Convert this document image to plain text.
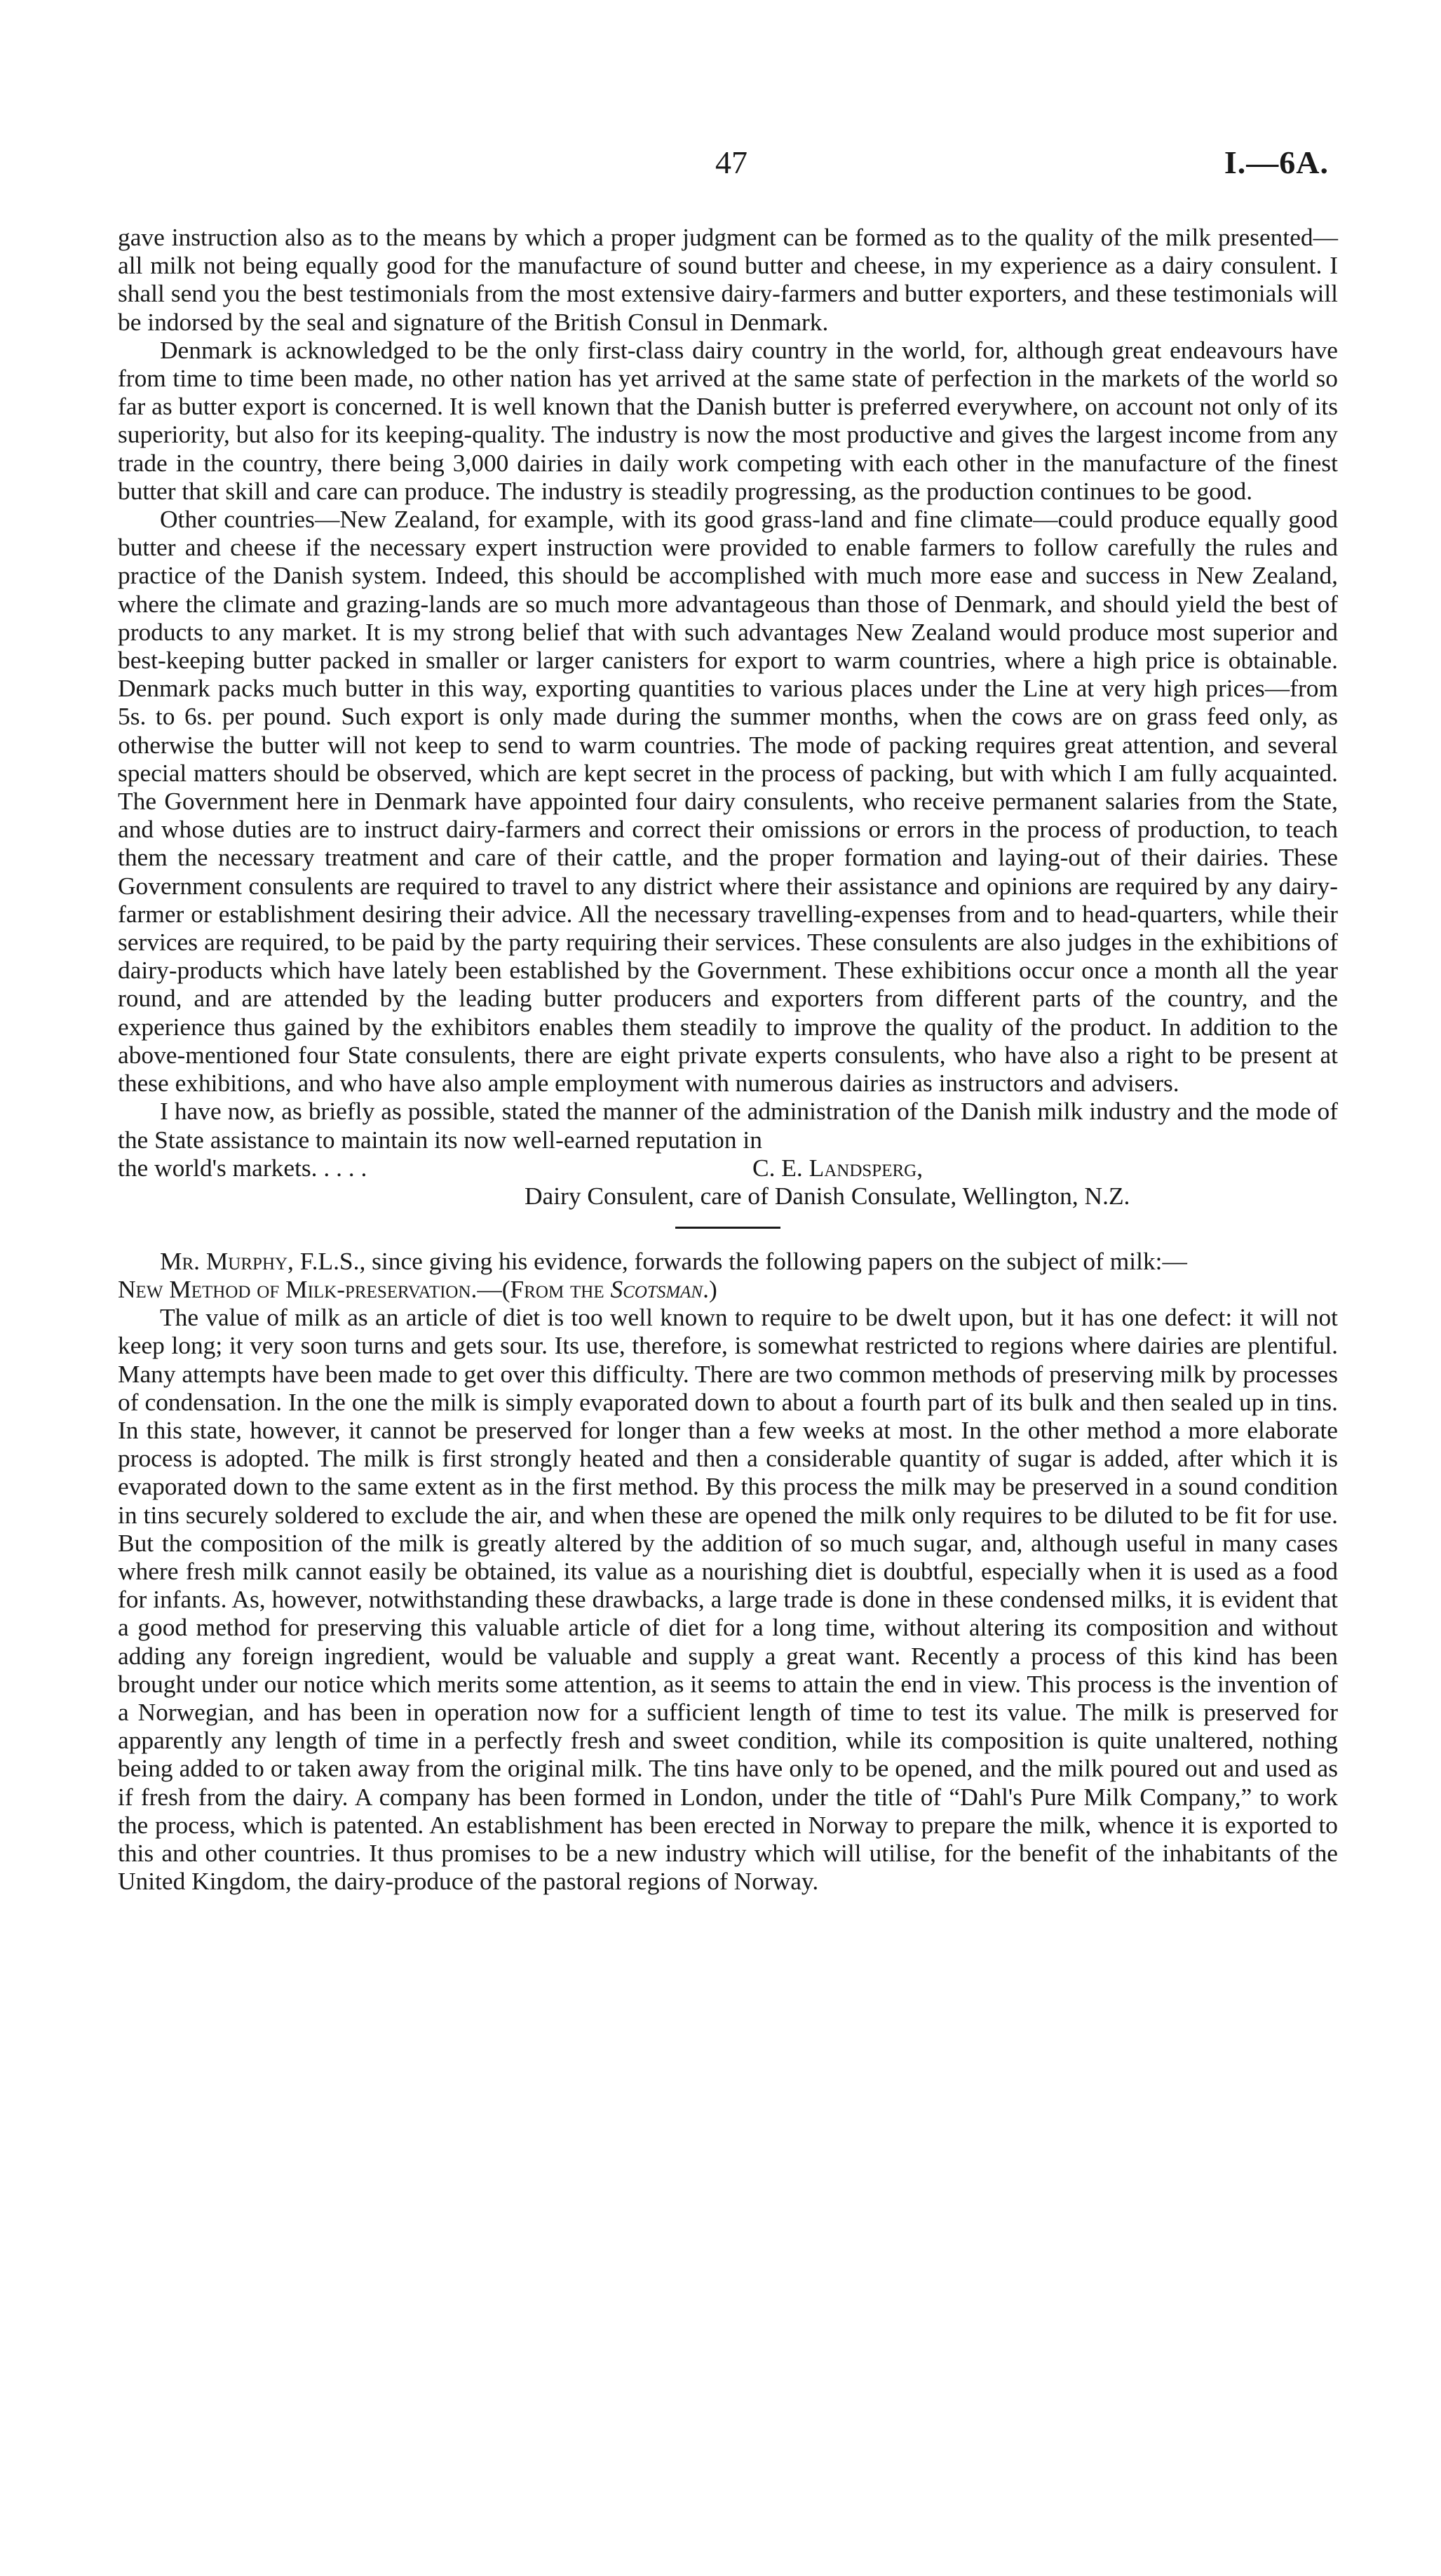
47	I.—6A.

gave instruction also as to the means by which a proper judgment can be formed as to the quality of the milk presented—all milk not being equally good for the manufacture of sound butter and cheese, in my experience as a dairy consulent. I shall send you the best testimonials from the most extensive dairy-farmers and butter exporters, and these testimonials will be indorsed by the seal and signature of the British Consul in Denmark.

Denmark is acknowledged to be the only first-class dairy country in the world, for, although great endeavours have from time to time been made, no other nation has yet arrived at the same state of perfection in the markets of the world so far as butter export is concerned. It is well known that the Danish butter is preferred everywhere, on account not only of its superiority, but also for its keeping-quality. The industry is now the most productive and gives the largest income from any trade in the country, there being 3,000 dairies in daily work competing with each other in the manufacture of the finest butter that skill and care can produce. The industry is steadily progressing, as the production continues to be good.

Other countries—New Zealand, for example, with its good grass-land and fine climate—could produce equally good butter and cheese if the necessary expert instruction were provided to enable farmers to follow carefully the rules and practice of the Danish system. Indeed, this should be accomplished with much more ease and success in New Zealand, where the climate and grazing-lands are so much more advantageous than those of Denmark, and should yield the best of products to any market. It is my strong belief that with such advantages New Zealand would produce most superior and best-keeping butter packed in smaller or larger canisters for export to warm countries, where a high price is obtainable. Denmark packs much butter in this way, exporting quantities to various places under the Line at very high prices—from 5s. to 6s. per pound. Such export is only made during the summer months, when the cows are on grass feed only, as otherwise the butter will not keep to send to warm countries. The mode of packing requires great attention, and several special matters should be observed, which are kept secret in the process of packing, but with which I am fully acquainted. The Government here in Denmark have appointed four dairy consulents, who receive permanent salaries from the State, and whose duties are to instruct dairy-farmers and correct their omissions or errors in the process of production, to teach them the necessary treatment and care of their cattle, and the proper formation and laying-out of their dairies. These Government consulents are required to travel to any district where their assistance and opinions are required by any dairy-farmer or establishment desiring their advice. All the necessary travelling-expenses from and to head-quarters, while their services are required, to be paid by the party requiring their services. These consulents are also judges in the exhibitions of dairy-products which have lately been established by the Government. These exhibitions occur once a month all the year round, and are attended by the leading butter producers and exporters from different parts of the country, and the experience thus gained by the exhibitors enables them steadily to improve the quality of the product. In addition to the above-mentioned four State consulents, there are eight private experts consulents, who have also a right to be present at these exhibitions, and who have also ample employment with numerous dairies as instructors and advisers.

I have now, as briefly as possible, stated the manner of the administration of the Danish milk industry and the mode of the State assistance to maintain its now well-earned reputation in

the world's markets. . . . .	C. E. Landsperg,

Dairy Consulent, care of Danish Consulate, Wellington, N.Z.

Mr. Murphy, F.L.S., since giving his evidence, forwards the following papers on the subject of milk:—

New Method of Milk-preservation.—(From the Scotsman.)

The value of milk as an article of diet is too well known to require to be dwelt upon, but it has one defect: it will not keep long; it very soon turns and gets sour. Its use, therefore, is somewhat restricted to regions where dairies are plentiful. Many attempts have been made to get over this difficulty. There are two common methods of preserving milk by processes of condensation. In the one the milk is simply evaporated down to about a fourth part of its bulk and then sealed up in tins. In this state, however, it cannot be preserved for longer than a few weeks at most. In the other method a more elaborate process is adopted. The milk is first strongly heated and then a considerable quantity of sugar is added, after which it is evaporated down to the same extent as in the first method. By this process the milk may be preserved in a sound condition in tins securely soldered to exclude the air, and when these are opened the milk only requires to be diluted to be fit for use. But the composition of the milk is greatly altered by the addition of so much sugar, and, although useful in many cases where fresh milk cannot easily be obtained, its value as a nourishing diet is doubtful, especially when it is used as a food for infants. As, however, notwithstanding these drawbacks, a large trade is done in these condensed milks, it is evident that a good method for preserving this valuable article of diet for a long time, without altering its composition and without adding any foreign ingredient, would be valuable and supply a great want. Recently a process of this kind has been brought under our notice which merits some attention, as it seems to attain the end in view. This process is the invention of a Norwegian, and has been in operation now for a sufficient length of time to test its value. The milk is preserved for apparently any length of time in a perfectly fresh and sweet condition, while its composition is quite unaltered, nothing being added to or taken away from the original milk. The tins have only to be opened, and the milk poured out and used as if fresh from the dairy. A company has been formed in London, under the title of “Dahl's Pure Milk Company,” to work the process, which is patented. An establishment has been erected in Norway to prepare the milk, whence it is exported to this and other countries. It thus promises to be a new industry which will utilise, for the benefit of the inhabitants of the United Kingdom, the dairy-produce of the pastoral regions of Norway.
